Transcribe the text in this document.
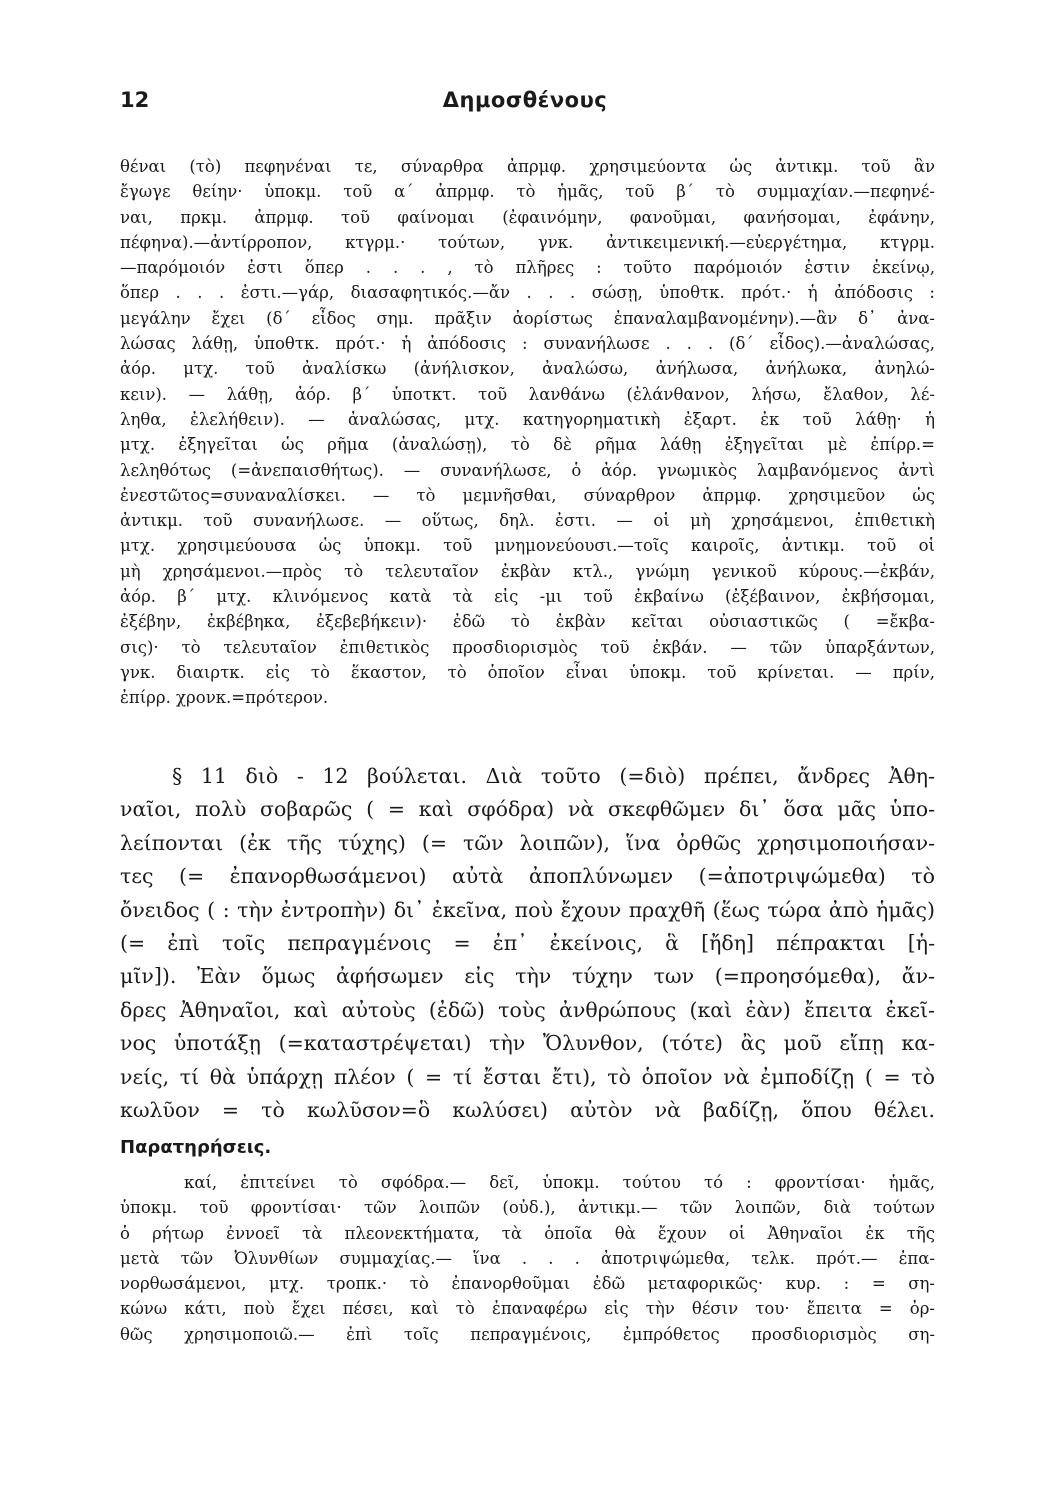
12	Δημοσθένους
θέναι (τὸ) πεφηνέναι τε, σύναρθρα ἀπρμφ. χρησιμεύοντα ὡς ἀντικμ. τοῦ ἂν
ἔγωγε θείην· ὑποκμ. τοῦ α΄ ἀπρμφ. τὸ ἡμᾶς, τοῦ β΄ τὸ συμμαχίαν.—πεφηνέ-
ναι, πρκμ. ἀπρμφ. τοῦ φαίνομαι (ἐφαινόμην, φανοῦμαι, φανήσομαι, ἐφάνην,
πέφηνα).—ἀντίρροπον, κτγρμ.· τούτων, γνκ. ἀντικειμενική.—εὐεργέτημα, κτγρμ.
—παρόμοιόν ἐστι ὅπερ . . . , τὸ πλῆρες : τοῦτο παρόμοιόν ἐστιν ἐκείνῳ,
ὅπερ . . . ἐστι.—γάρ, διασαφητικός.—ἄν . . . σώσῃ, ὑποθτκ. πρότ.· ἡ ἀπόδοσις :
μεγάλην ἔχει (δ΄ εἶδος σημ. πρᾶξιν ἀορίστως ἐπαναλαμβανομένην).—ἂν δ᾽ ἀνα-
λώσας λάθῃ, ὑποθτκ. πρότ.· ἡ ἀπόδοσις : συνανήλωσε . . . (δ΄ εἶδος).—ἀναλώσας,
ἀόρ. μτχ. τοῦ ἀναλίσκω (ἀνήλισκον, ἀναλώσω, ἀνήλωσα, ἀνήλωκα, ἀνηλώ-
κειν). — λάθῃ, ἀόρ. β΄ ὑποτκτ. τοῦ λανθάνω (ἐλάνθανον, λήσω, ἔλαθον, λέ-
ληθα, ἐλελήθειν). — ἀναλώσας, μτχ. κατηγορηματικὴ ἐξαρτ. ἐκ τοῦ λάθῃ· ἡ
μτχ. ἐξηγεῖται ὡς ρῆμα (ἀναλώσῃ), τὸ δὲ ρῆμα λάθῃ ἐξηγεῖται μὲ ἐπίρρ.=
λεληθότως (=ἀνεπαισθήτως). — συνανήλωσε, ὁ ἀόρ. γνωμικὸς λαμβανόμενος ἀντὶ
ἐνεστῶτος=συναναλίσκει. — τὸ μεμνῆσθαι, σύναρθρον ἀπρμφ. χρησιμεῦον ὡς
ἀντικμ. τοῦ συνανήλωσε. — οὕτως, δηλ. ἐστι. — οἱ μὴ χρησάμενοι, ἐπιθετικὴ
μτχ. χρησιμεύουσα ὡς ὑποκμ. τοῦ μνημονεύουσι.—τοῖς καιροῖς, ἀντικμ. τοῦ οἱ
μὴ χρησάμενοι.—πρὸς τὸ τελευταῖον ἐκβὰν κτλ., γνώμη γενικοῦ κύρους.—ἐκβάν,
ἀόρ. β΄ μτχ. κλινόμενος κατὰ τὰ εἰς -μι τοῦ ἐκβαίνω (ἐξέβαινον, ἐκβήσομαι,
ἐξέβην, ἐκβέβηκα, ἐξεβεβήκειν)· ἐδῶ τὸ ἐκβὰν κεῖται οὐσιαστικῶς ( =ἔκβα-
σις)· τὸ τελευταῖον ἐπιθετικὸς προσδιορισμὸς τοῦ ἐκβάν. — τῶν ὑπαρξάντων,
γνκ. διαιρτκ. εἰς τὸ ἕκαστον, τὸ ὁποῖον εἶναι ὑποκμ. τοῦ κρίνεται. — πρίν,
ἐπίρρ. χρονκ.=πρότερον.
§ 11 διὸ - 12 βούλεται. Διὰ τοῦτο (=διὸ) πρέπει, ἄνδρες Ἀθη-
ναῖοι, πολὺ σοβαρῶς ( = καὶ σφόδρα) νὰ σκεφθῶμεν δι᾽ ὅσα μᾶς ὑπο-
λείπονται (ἐκ τῆς τύχης) (= τῶν λοιπῶν), ἵνα ὀρθῶς χρησιμοποιήσαν-
τες (= ἐπανορθωσάμενοι) αὐτὰ ἀποπλύνωμεν (=ἀποτριψώμεθα) τὸ
ὄνειδος ( : τὴν ἐντροπὴν) δι᾽ ἐκεῖνα, ποὺ ἔχουν πραχθῆ (ἕως τώρα ἀπὸ ἡμᾶς)
(= ἐπὶ τοῖς πεπραγμένοις = ἐπ᾽ ἐκείνοις, ἃ [ἤδη] πέπρακται [ἡ-
μῖν]). Ἐὰν ὅμως ἀφήσωμεν εἰς τὴν τύχην των (=προησόμεθα), ἄν-
δρες Ἀθηναῖοι, καὶ αὐτοὺς (ἐδῶ) τοὺς ἀνθρώπους (καὶ ἐὰν) ἔπειτα ἐκεῖ-
νος ὑποτάξῃ (=καταστρέψεται) τὴν Ὄλυνθον, (τότε) ἂς μοῦ εἴπῃ κα-
νείς, τί θὰ ὑπάρχῃ πλέον ( = τί ἔσται ἔτι), τὸ ὁποῖον νὰ ἐμποδίζῃ ( = τὸ
κωλῦον = τὸ κωλῦσον=ὃ κωλύσει) αὐτὸν νὰ βαδίζῃ, ὅπου θέλει.
Παρατηρήσεις.
καί, ἐπιτείνει τὸ σφόδρα.— δεῖ, ὑποκμ. τούτου τό : φροντίσαι· ἡμᾶς,
ὑποκμ. τοῦ φροντίσαι· τῶν λοιπῶν (οὐδ.), ἀντικμ.— τῶν λοιπῶν, διὰ τούτων
ὁ ρήτωρ ἐννοεῖ τὰ πλεονεκτήματα, τὰ ὁποῖα θὰ ἔχουν οἱ Ἀθηναῖοι ἐκ τῆς
μετὰ τῶν Ὀλυνθίων συμμαχίας.— ἵνα . . . ἀποτριψώμεθα, τελκ. πρότ.— ἐπα-
νορθωσάμενοι, μτχ. τροπκ.· τὸ ἐπανορθοῦμαι ἐδῶ μεταφορικῶς· κυρ. : = ση-
κώνω κάτι, ποὺ ἔχει πέσει, καὶ τὸ ἐπαναφέρω εἰς τὴν θέσιν του· ἔπειτα = ὀρ-
θῶς χρησιμοποιῶ.— ἐπὶ τοῖς πεπραγμένοις, ἐμπρόθετος προσδιορισμὸς ση-
